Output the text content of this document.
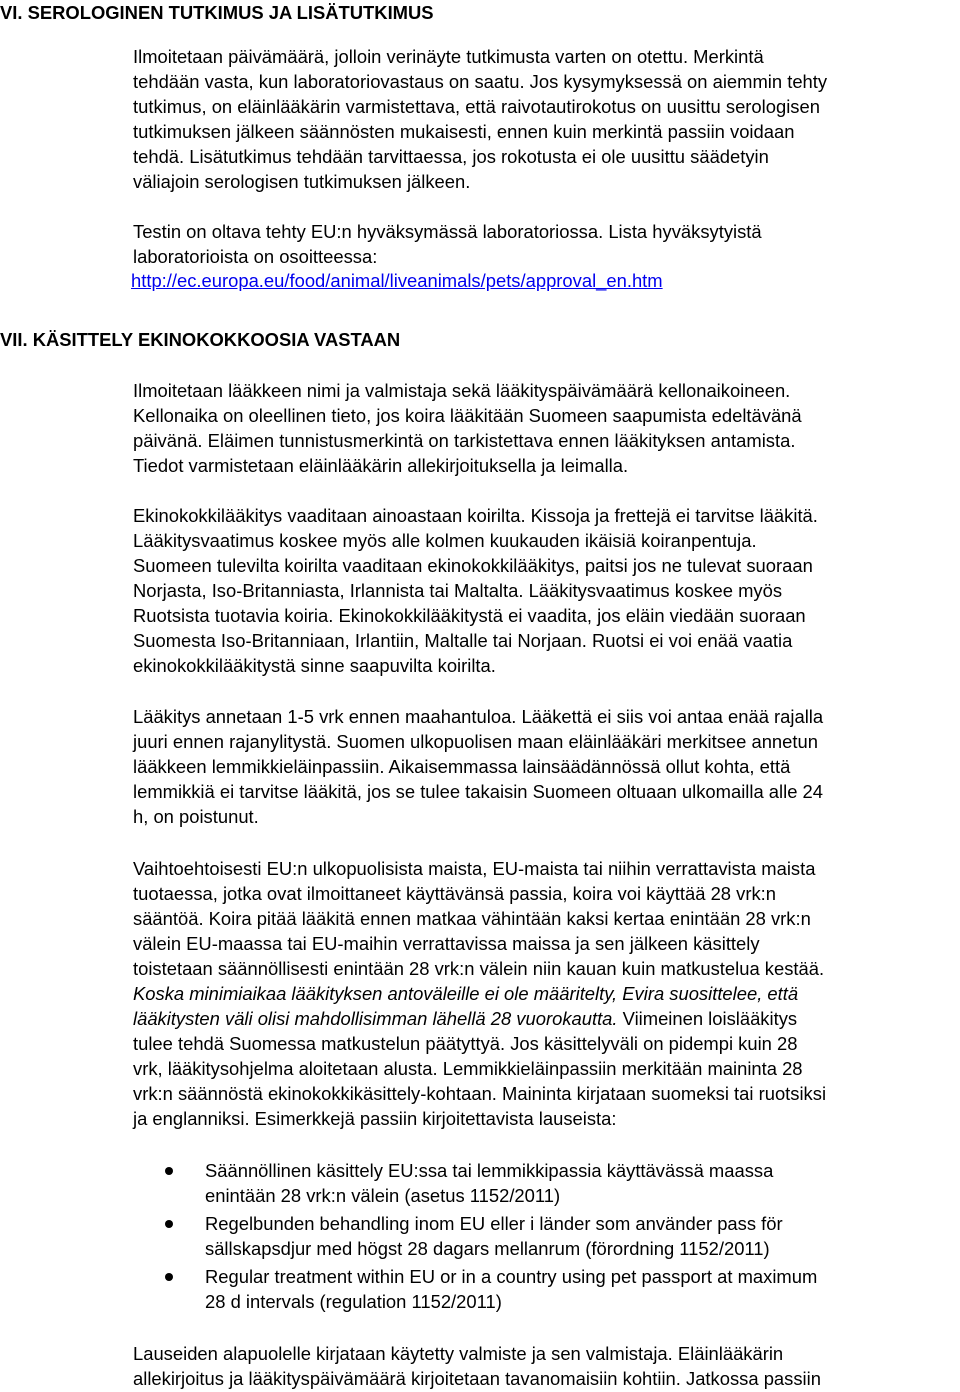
VI. SEROLOGINEN TUTKIMUS JA LISÄTUTKIMUS
Ilmoitetaan päivämäärä, jolloin verinäyte tutkimusta varten on otettu. Merkintä
tehdään vasta, kun laboratoriovastaus on saatu. Jos kysymyksessä on aiemmin tehty
tutkimus, on eläinlääkärin varmistettava, että raivotautirokotus on uusittu serologisen
tutkimuksen jälkeen säännösten mukaisesti, ennen kuin merkintä passiin voidaan
tehdä. Lisätutkimus tehdään tarvittaessa, jos rokotusta ei ole uusittu säädetyin
väliajoin serologisen tutkimuksen jälkeen.
Testin on oltava tehty EU:n hyväksymässä laboratoriossa. Lista hyväksytyistä
laboratorioista on osoitteessa:
http://ec.europa.eu/food/animal/liveanimals/pets/approval_en.htm
VII. KÄSITTELY EKINOKOKKOOSIA VASTAAN
Ilmoitetaan lääkkeen nimi ja valmistaja sekä lääkityspäivämäärä kellonaikoineen.
Kellonaika on oleellinen tieto, jos koira lääkitään Suomeen saapumista edeltävänä
päivänä. Eläimen tunnistusmerkintä on tarkistettava ennen lääkityksen antamista.
Tiedot varmistetaan eläinlääkärin allekirjoituksella ja leimalla.
Ekinokokkilääkitys vaaditaan ainoastaan koirilta. Kissoja ja frettejä ei tarvitse lääkitä.
Lääkitysvaatimus koskee myös alle kolmen kuukauden ikäisiä koiranpentuja.
Suomeen tulevilta koirilta vaaditaan ekinokokkilääkitys, paitsi jos ne tulevat suoraan
Norjasta, Iso-Britanniasta, Irlannista tai Maltalta. Lääkitysvaatimus koskee myös
Ruotsista tuotavia koiria. Ekinokokkilääkitystä ei vaadita, jos eläin viedään suoraan
Suomesta Iso-Britanniaan, Irlantiin, Maltalle tai Norjaan. Ruotsi ei voi enää vaatia
ekinokokkilääkitystä sinne saapuvilta koirilta.
Lääkitys annetaan 1-5 vrk ennen maahantuloa. Lääkettä ei siis voi antaa enää rajalla
juuri ennen rajanylitystä. Suomen ulkopuolisen maan eläinlääkäri merkitsee annetun
lääkkeen lemmikkieläinpassiin. Aikaisemmassa lainsäädännössä ollut kohta, että
lemmikkiä ei tarvitse lääkitä, jos se tulee takaisin Suomeen oltuaan ulkomailla alle 24
h, on poistunut.
Vaihtoehtoisesti EU:n ulkopuolisista maista, EU-maista tai niihin verrattavista maista
tuotaessa, jotka ovat ilmoittaneet käyttävänsä passia, koira voi käyttää 28 vrk:n
sääntöä. Koira pitää lääkitä ennen matkaa vähintään kaksi kertaa enintään 28 vrk:n
välein EU-maassa tai EU-maihin verrattavissa maissa ja sen jälkeen käsittely
toistetaan säännöllisesti enintään 28 vrk:n välein niin kauan kuin matkustelua kestää.
Koska minimiaikaa lääkityksen antoväleille ei ole määritelty, Evira suosittelee, että
lääkitysten väli olisi mahdollisimman lähellä 28 vuorokautta. Viimeinen loislääkitys
tulee tehdä Suomessa matkustelun päätyttyä. Jos käsittelyväli on pidempi kuin 28
vrk, lääkitysohjelma aloitetaan alusta. Lemmikkieläinpassiin merkitään maininta 28
vrk:n säännöstä ekinokokkikäsittely-kohtaan. Maininta kirjataan suomeksi tai ruotsiksi
ja englanniksi. Esimerkkejä passiin kirjoitettavista lauseista:
Säännöllinen käsittely EU:ssa tai lemmikkipassia käyttävässä maassa
enintään 28 vrk:n välein (asetus 1152/2011)
Regelbunden behandling inom EU eller i länder som använder pass för
sällskapsdjur med högst 28 dagars mellanrum (förordning 1152/2011)
Regular treatment within EU or in a country using pet passport at maximum
28 d intervals (regulation 1152/2011)
Lauseiden alapuolelle kirjataan käytetty valmiste ja sen valmistaja. Eläinlääkärin
allekirjoitus ja lääkityspäivämäärä kirjoitetaan tavanomaisiin kohtiin. Jatkossa passiin
